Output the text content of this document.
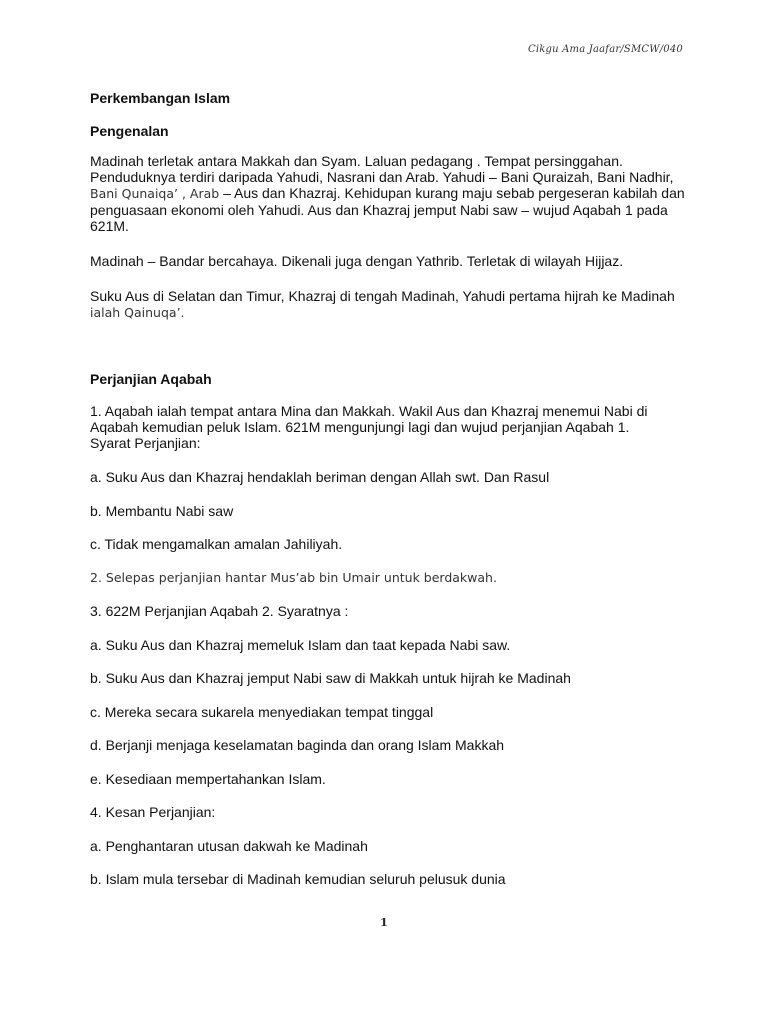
Cikgu Ama Jaafar/SMCW/040

Perkembangan Islam

Pengenalan

Madinah terletak antara Makkah dan Syam. Laluan pedagang . Tempat persinggahan. Penduduknya terdiri daripada Yahudi, Nasrani dan Arab. Yahudi – Bani Quraizah, Bani Nadhir, Bani Qunaiqa’ , Arab – Aus dan Khazraj. Kehidupan kurang maju sebab pergeseran kabilah dan penguasaan ekonomi oleh Yahudi. Aus dan Khazraj jemput Nabi saw – wujud Aqabah 1 pada 621M.

Madinah – Bandar bercahaya. Dikenali juga dengan Yathrib. Terletak di wilayah Hijjaz.

Suku Aus di Selatan dan Timur, Khazraj di tengah Madinah, Yahudi pertama hijrah ke Madinah
ialah Qainuqa’.

Perjanjian Aqabah

1. Aqabah ialah tempat antara Mina dan Makkah. Wakil Aus dan Khazraj menemui Nabi di Aqabah kemudian peluk Islam. 621M mengunjungi lagi dan wujud perjanjian Aqabah 1. Syarat Perjanjian:

a. Suku Aus dan Khazraj hendaklah beriman dengan Allah swt. Dan Rasul

b. Membantu Nabi saw

c. Tidak mengamalkan amalan Jahiliyah.

2. Selepas perjanjian hantar Mus’ab bin Umair untuk berdakwah.

3. 622M Perjanjian Aqabah 2. Syaratnya :

a. Suku Aus dan Khazraj memeluk Islam dan taat kepada Nabi saw.

b. Suku Aus dan Khazraj jemput Nabi saw di Makkah untuk hijrah ke Madinah

c. Mereka secara sukarela menyediakan tempat tinggal

d. Berjanji menjaga keselamatan baginda dan orang Islam Makkah

e. Kesediaan mempertahankan Islam.

4. Kesan Perjanjian:

a. Penghantaran utusan dakwah ke Madinah

b. Islam mula tersebar di Madinah kemudian seluruh pelusuk dunia

1
